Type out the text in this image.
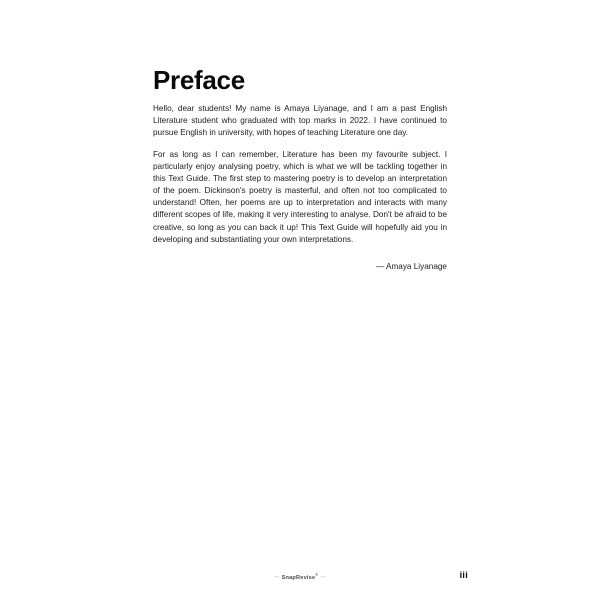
Preface

Hello, dear students! My name is Amaya Liyanage, and I am a past English Literature student who graduated with top marks in 2022. I have continued to pursue English in university, with hopes of teaching Literature one day.

For as long as I can remember, Literature has been my favourite subject. I particularly enjoy analysing poetry, which is what we will be tackling together in this Text Guide. The first step to mastering poetry is to develop an interpretation of the poem. Dickinson's poetry is masterful, and often not too complicated to understand! Often, her poems are up to interpretation and interacts with many different scopes of life, making it very interesting to analyse. Don't be afraid to be creative, so long as you can back it up! This Text Guide will hopefully aid you in developing and substantiating your own interpretations.

— Amaya Liyanage

〜 SnapRevise®〜	iii
